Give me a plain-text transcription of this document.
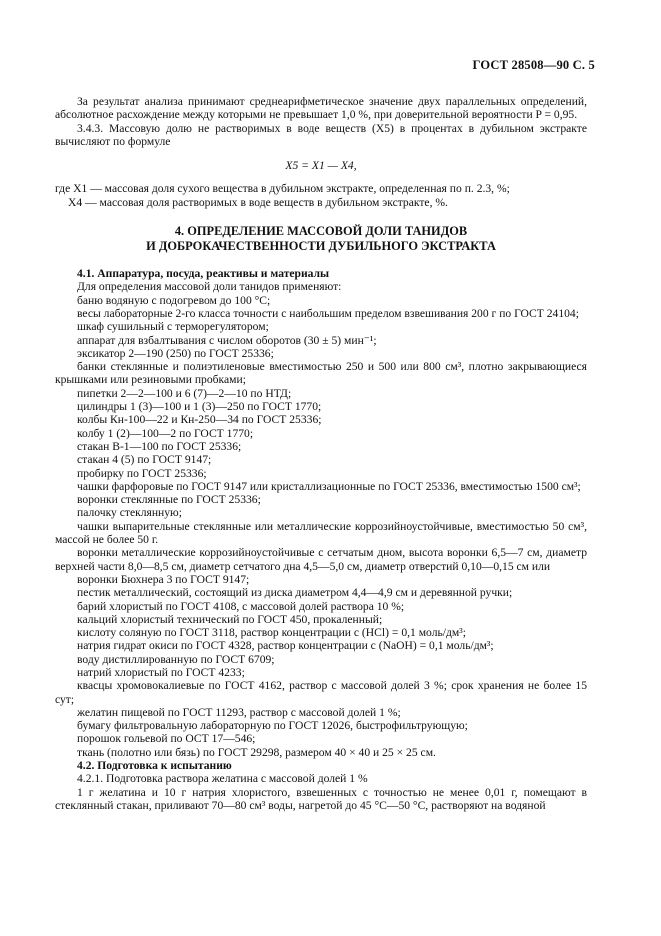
ГОСТ 28508—90 С. 5

За результат анализа принимают среднеарифметическое значение двух параллельных определений, абсолютное расхождение между которыми не превышает 1,0 %, при доверительной вероятности P = 0,95.

3.4.3. Массовую долю не растворимых в воде веществ (X5) в процентах в дубильном экстракте вычисляют по формуле

X5 = X1 — X4,

где X1 — массовая доля сухого вещества в дубильном экстракте, определенная по п. 2.3, %;

X4 — массовая доля растворимых в воде веществ в дубильном экстракте, %.

4. ОПРЕДЕЛЕНИЕ МАССОВОЙ ДОЛИ ТАНИДОВ
И ДОБРОКАЧЕСТВЕННОСТИ ДУБИЛЬНОГО ЭКСТРАКТА

4.1. Аппаратура, посуда, реактивы и материалы

Для определения массовой доли танидов применяют:

баню водяную с подогревом до 100 °С;

весы лабораторные 2-го класса точности с наибольшим пределом взвешивания 200 г по ГОСТ 24104;

шкаф сушильный с терморегулятором;

аппарат для взбалтывания с числом оборотов (30 ± 5) мин⁻¹;

эксикатор 2—190 (250) по ГОСТ 25336;

банки стеклянные и полиэтиленовые вместимостью 250 и 500 или 800 см³, плотно закрывающиеся крышками или резиновыми пробками;

пипетки 2—2—100 и 6 (7)—2—10 по НТД;

цилиндры 1 (3)—100 и 1 (3)—250 по ГОСТ 1770;

колбы Кн-100—22 и Кн-250—34 по ГОСТ 25336;

колбу 1 (2)—100—2 по ГОСТ 1770;

стакан В-1—100 по ГОСТ 25336;

стакан 4 (5) по ГОСТ 9147;

пробирку по ГОСТ 25336;

чашки фарфоровые по ГОСТ 9147 или кристаллизационные по ГОСТ 25336, вместимостью 1500 см³;

воронки стеклянные по ГОСТ 25336;

палочку стеклянную;

чашки выпарительные стеклянные или металлические коррозийноустойчивые, вместимостью 50 см³, массой не более 50 г.

воронки металлические коррозийноустойчивые с сетчатым дном, высота воронки 6,5—7 см, диаметр верхней части 8,0—8,5 см, диаметр сетчатого дна 4,5—5,0 см, диаметр отверстий 0,10—0,15 см или

воронки Бюхнера 3 по ГОСТ 9147;

пестик металлический, состоящий из диска диаметром 4,4—4,9 см и деревянной ручки;

барий хлористый по ГОСТ 4108, с массовой долей раствора 10 %;

кальций хлористый технический по ГОСТ 450, прокаленный;

кислоту соляную по ГОСТ 3118, раствор концентрации c (HCl) = 0,1 моль/дм³;

натрия гидрат окиси по ГОСТ 4328, раствор концентрации c (NaOH) = 0,1 моль/дм³;

воду дистиллированную по ГОСТ 6709;

натрий хлористый по ГОСТ 4233;

квасцы хромовокалиевые по ГОСТ 4162, раствор с массовой долей 3 %; срок хранения не более 15 сут;

желатин пищевой по ГОСТ 11293, раствор с массовой долей 1 %;

бумагу фильтровальную лабораторную по ГОСТ 12026, быстрофильтрующую;

порошок гольевой по ОСТ 17—546;

ткань (полотно или бязь) по ГОСТ 29298, размером 40 × 40 и 25 × 25 см.

4.2. Подготовка к испытанию

4.2.1. Подготовка раствора желатина с массовой долей 1 %

1 г желатина и 10 г натрия хлористого, взвешенных с точностью не менее 0,01 г, помещают в стеклянный стакан, приливают 70—80 см³ воды, нагретой до 45 °С—50 °С, растворяют на водяной
